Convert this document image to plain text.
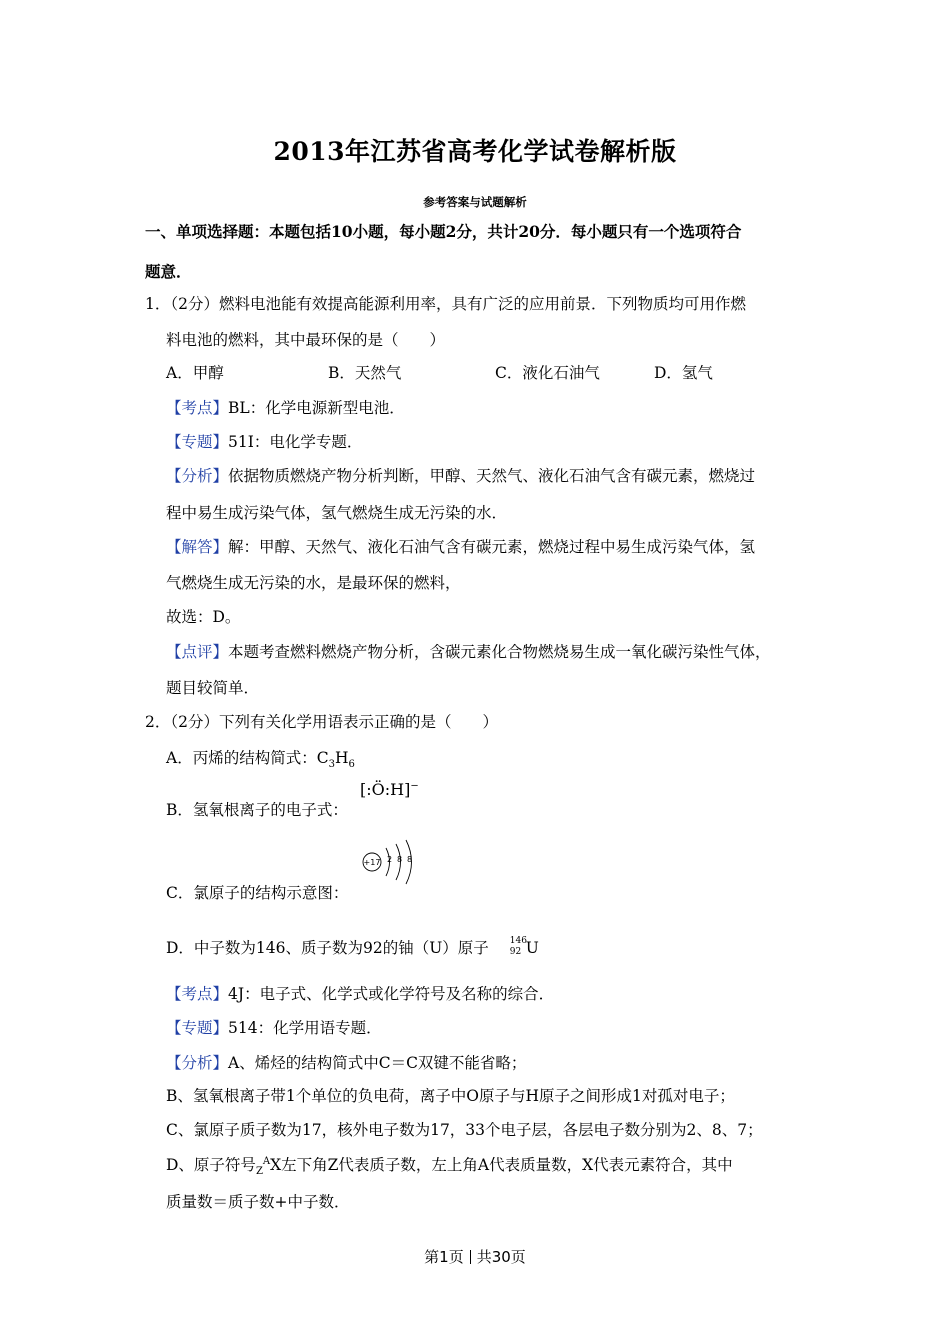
2013年江苏省高考化学试卷解析版
参考答案与试题解析
一、单项选择题：本题包括10小题，每小题2分，共计20分．每小题只有一个选项符合
题意．
1．（2分）燃料电池能有效提高能源利用率，具有广泛的应用前景．下列物质均可用作燃
料电池的燃料，其中最环保的是（　　）
A．甲醇	B．天然气	C．液化石油气	D．氢气
【考点】BL：化学电源新型电池．
【专题】51I：电化学专题．
【分析】依据物质燃烧产物分析判断，甲醇、天然气、液化石油气含有碳元素，燃烧过
程中易生成污染气体，氢气燃烧生成无污染的水．
【解答】解：甲醇、天然气、液化石油气含有碳元素，燃烧过程中易生成污染气体，氢
气燃烧生成无污染的水，是最环保的燃料，
故选：D。
【点评】本题考查燃料燃烧产物分析，含碳元素化合物燃烧易生成一氧化碳污染性气体，
题目较简单．
2．（2分）下列有关化学用语表示正确的是（　　）
A．丙烯的结构简式：$C_3H_6$
B．氢氧根离子的电子式：
[:Ö:H]−
C．氯原子的结构示意图：
+17 2 8 8
D．中子数为146、质子数为92的铀（U）原子 146
92 U
【考点】4J：电子式、化学式或化学符号及名称的综合．
【专题】514：化学用语专题．
【分析】A、烯烃的结构简式中C＝C双键不能省略；
B、氢氧根离子带1个单位的负电荷，离子中O原子与H原子之间形成1对孤对电子；
C、氯原子质子数为17，核外电子数为17，33个电子层，各层电子数分别为2、8、7；
D、原子符号$_Z^A$X左下角Z代表质子数，左上角A代表质量数，X代表元素符合，其中
质量数＝质子数+中子数．
第1页 共30页
